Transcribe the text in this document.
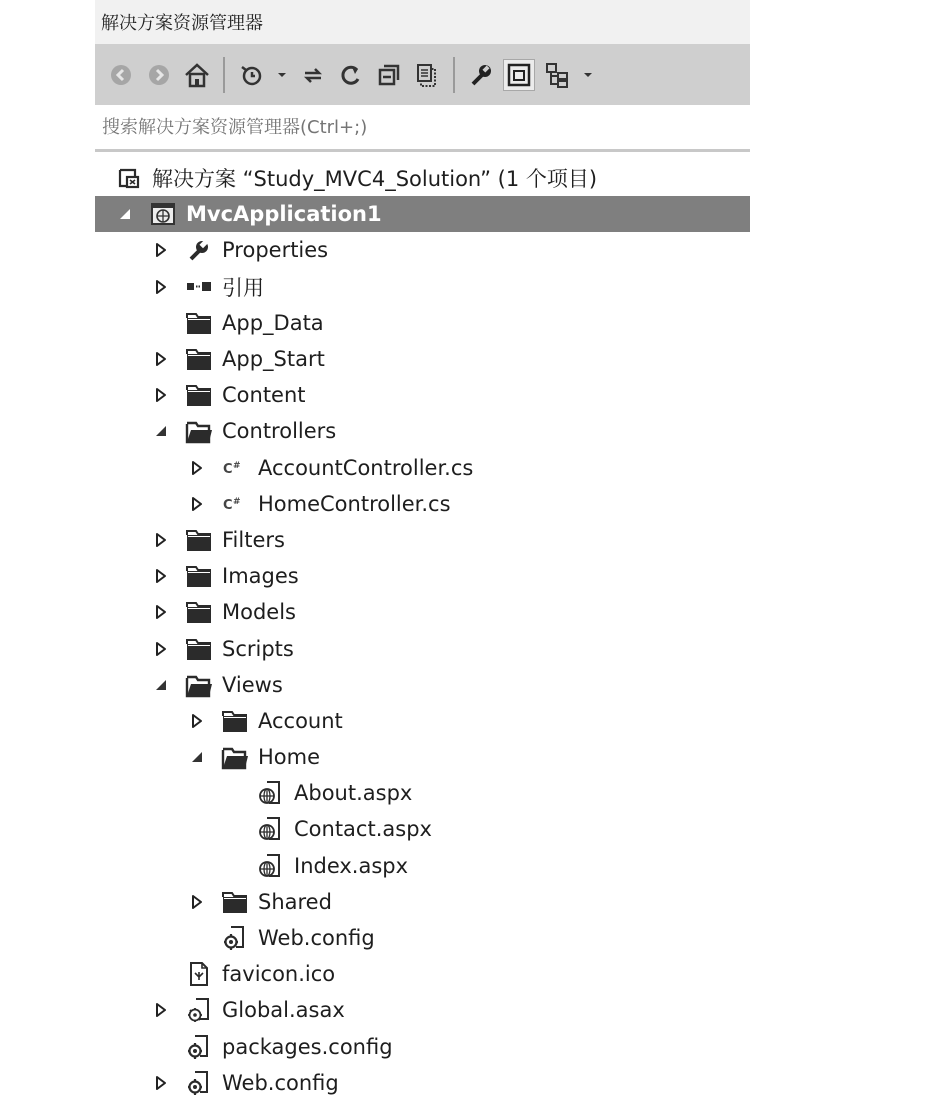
解决方案资源管理器
搜索解决方案资源管理器(Ctrl+;)
解决方案 “Study_MVC4_Solution” (1 个项目)
MvcApplication1
Properties
引用
App_Data
App_Start
Content
Controllers
C # AccountController.cs
C # HomeController.cs
Filters
Images
Models
Scripts
Views
Account
Home
About.aspx
Contact.aspx
Index.aspx
Shared
Web.config
favicon.ico
Global.asax
packages.config
Web.config
